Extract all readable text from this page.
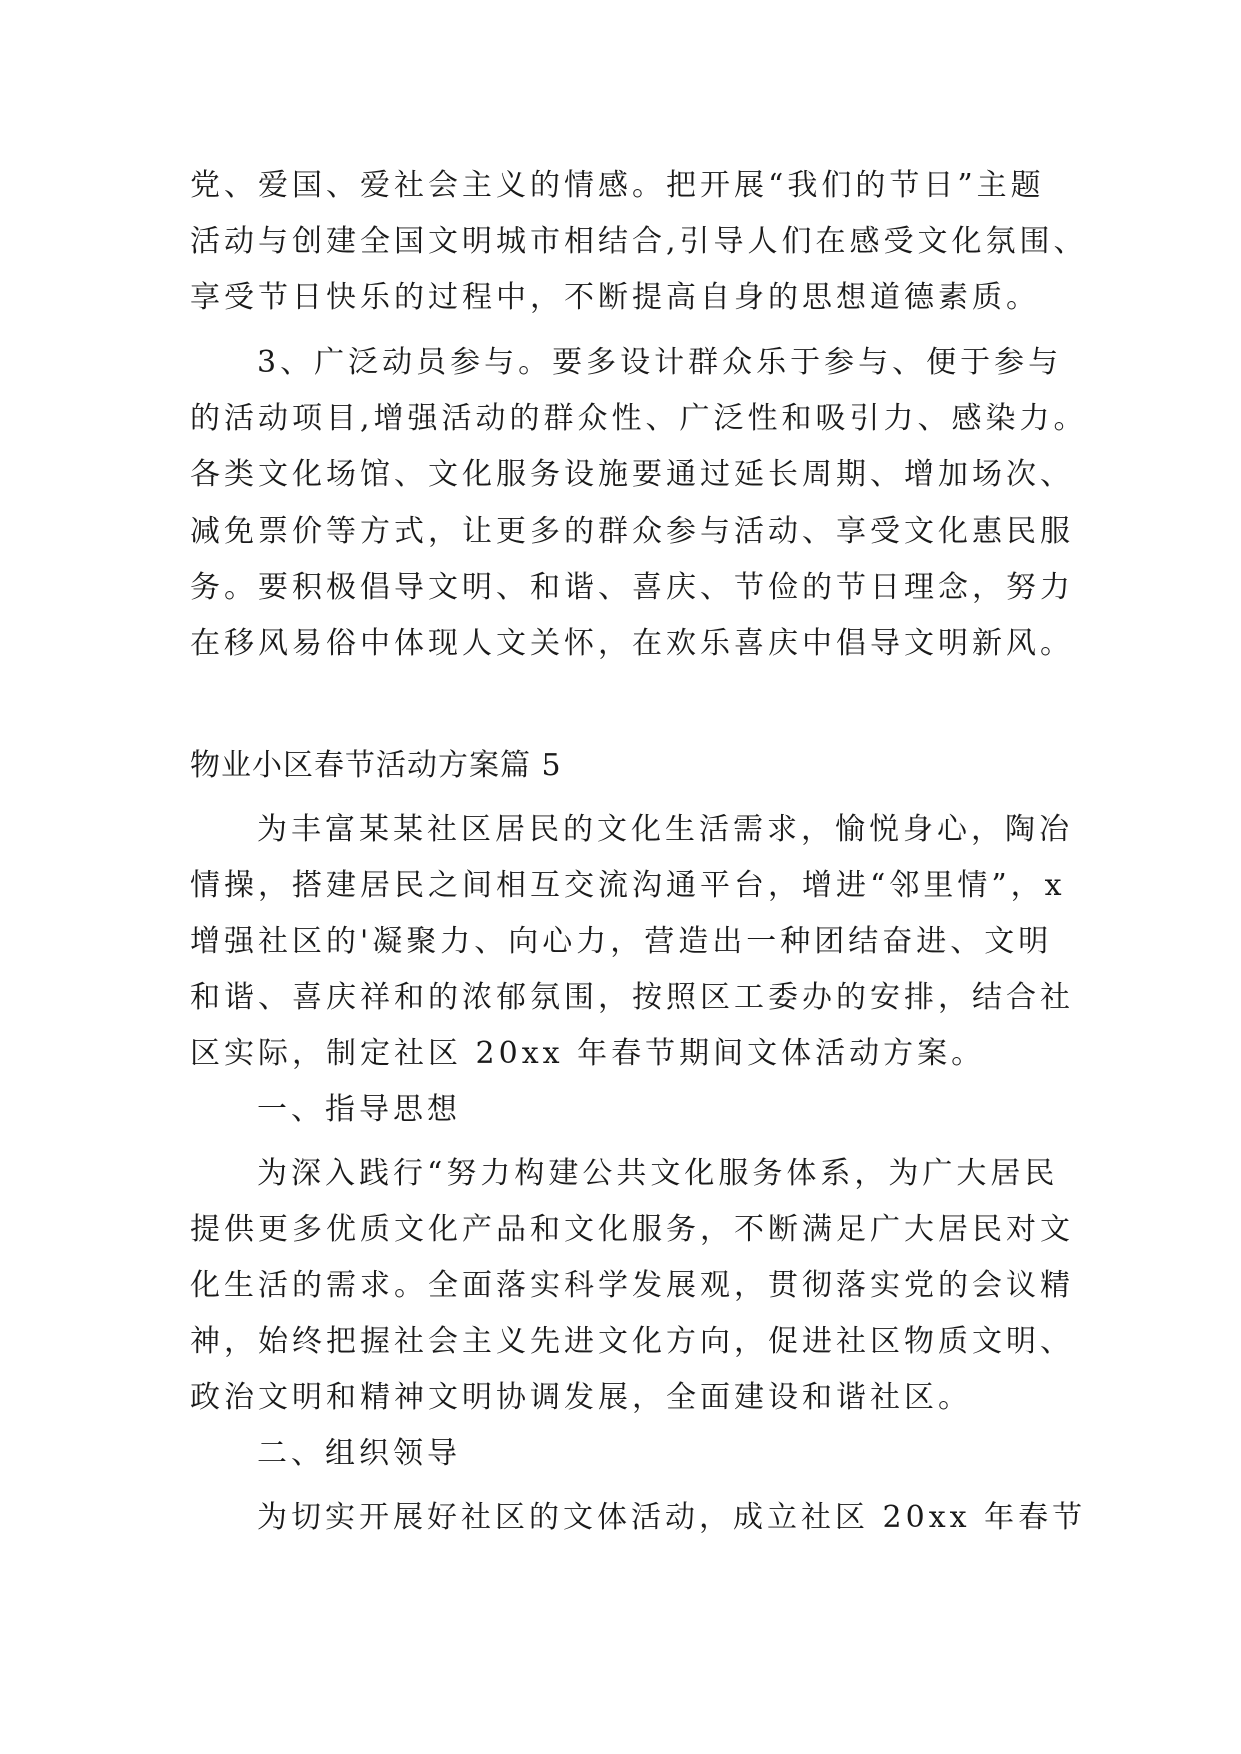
党、爱国、爱社会主义的情感。把开展“我们的节日”主题
活动与创建全国文明城市相结合,引导人们在感受文化氛围、
享受节日快乐的过程中，不断提高自身的思想道德素质。
3、广泛动员参与。要多设计群众乐于参与、便于参与
的活动项目,增强活动的群众性、广泛性和吸引力、感染力。
各类文化场馆、文化服务设施要通过延长周期、增加场次、
减免票价等方式，让更多的群众参与活动、享受文化惠民服
务。要积极倡导文明、和谐、喜庆、节俭的节日理念，努力
在移风易俗中体现人文关怀，在欢乐喜庆中倡导文明新风。
物业小区春节活动方案篇 5
为丰富某某社区居民的文化生活需求，愉悦身心，陶冶
情操，搭建居民之间相互交流沟通平台，增进“邻里情”，x
增强社区的'凝聚力、向心力，营造出一种团结奋进、文明
和谐、喜庆祥和的浓郁氛围，按照区工委办的安排，结合社
区实际，制定社区 20xx 年春节期间文体活动方案。
一、指导思想
为深入践行“努力构建公共文化服务体系，为广大居民
提供更多优质文化产品和文化服务，不断满足广大居民对文
化生活的需求。全面落实科学发展观，贯彻落实党的会议精
神，始终把握社会主义先进文化方向，促进社区物质文明、
政治文明和精神文明协调发展，全面建设和谐社区。
二、组织领导
为切实开展好社区的文体活动，成立社区 20xx 年春节
